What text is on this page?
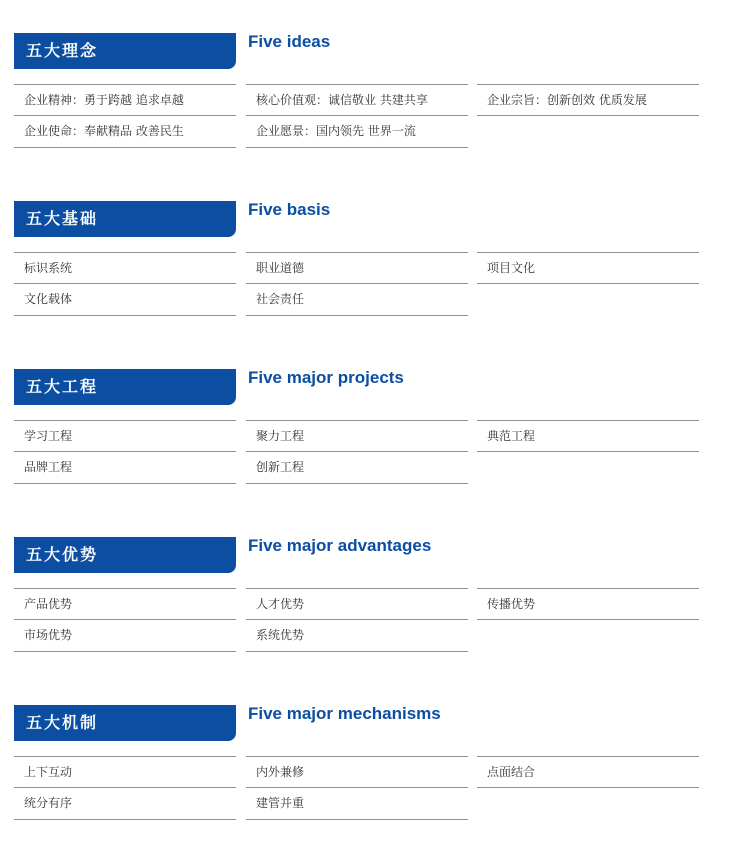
五大理念	Five ideas
企业精神：勇于跨越 追求卓越	核心价值观：诚信敬业 共建共享	企业宗旨：创新创效 优质发展
企业使命：奉献精品 改善民生	企业愿景：国内领先 世界一流
五大基础	Five basis
标识系统	职业道德	项目文化
文化载体	社会责任
五大工程	Five major projects
学习工程	聚力工程	典范工程
品牌工程	创新工程
五大优势	Five major advantages
产品优势	人才优势	传播优势
市场优势	系统优势
五大机制	Five major mechanisms
上下互动	内外兼修	点面结合
统分有序	建管并重
